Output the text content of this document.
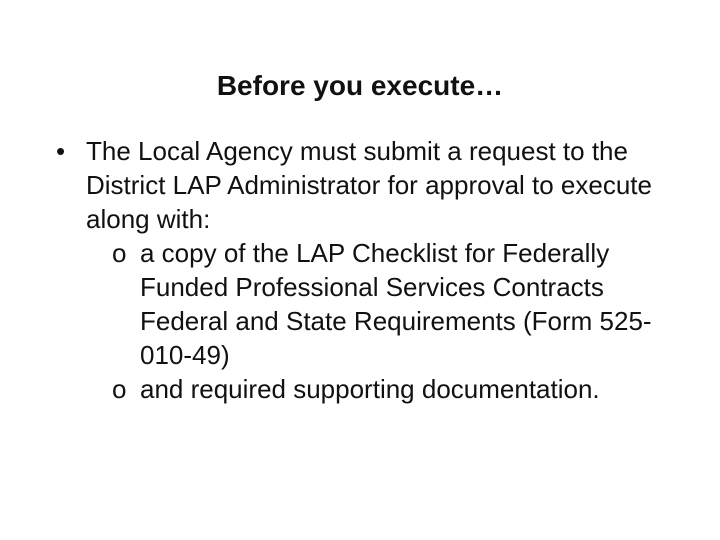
Before you execute…
• The Local Agency must submit a request to the District LAP Administrator for approval to execute along with:
o a copy of the LAP Checklist for Federally Funded Professional Services Contracts Federal and State Requirements (Form 525-010-49)
o and required supporting documentation.
